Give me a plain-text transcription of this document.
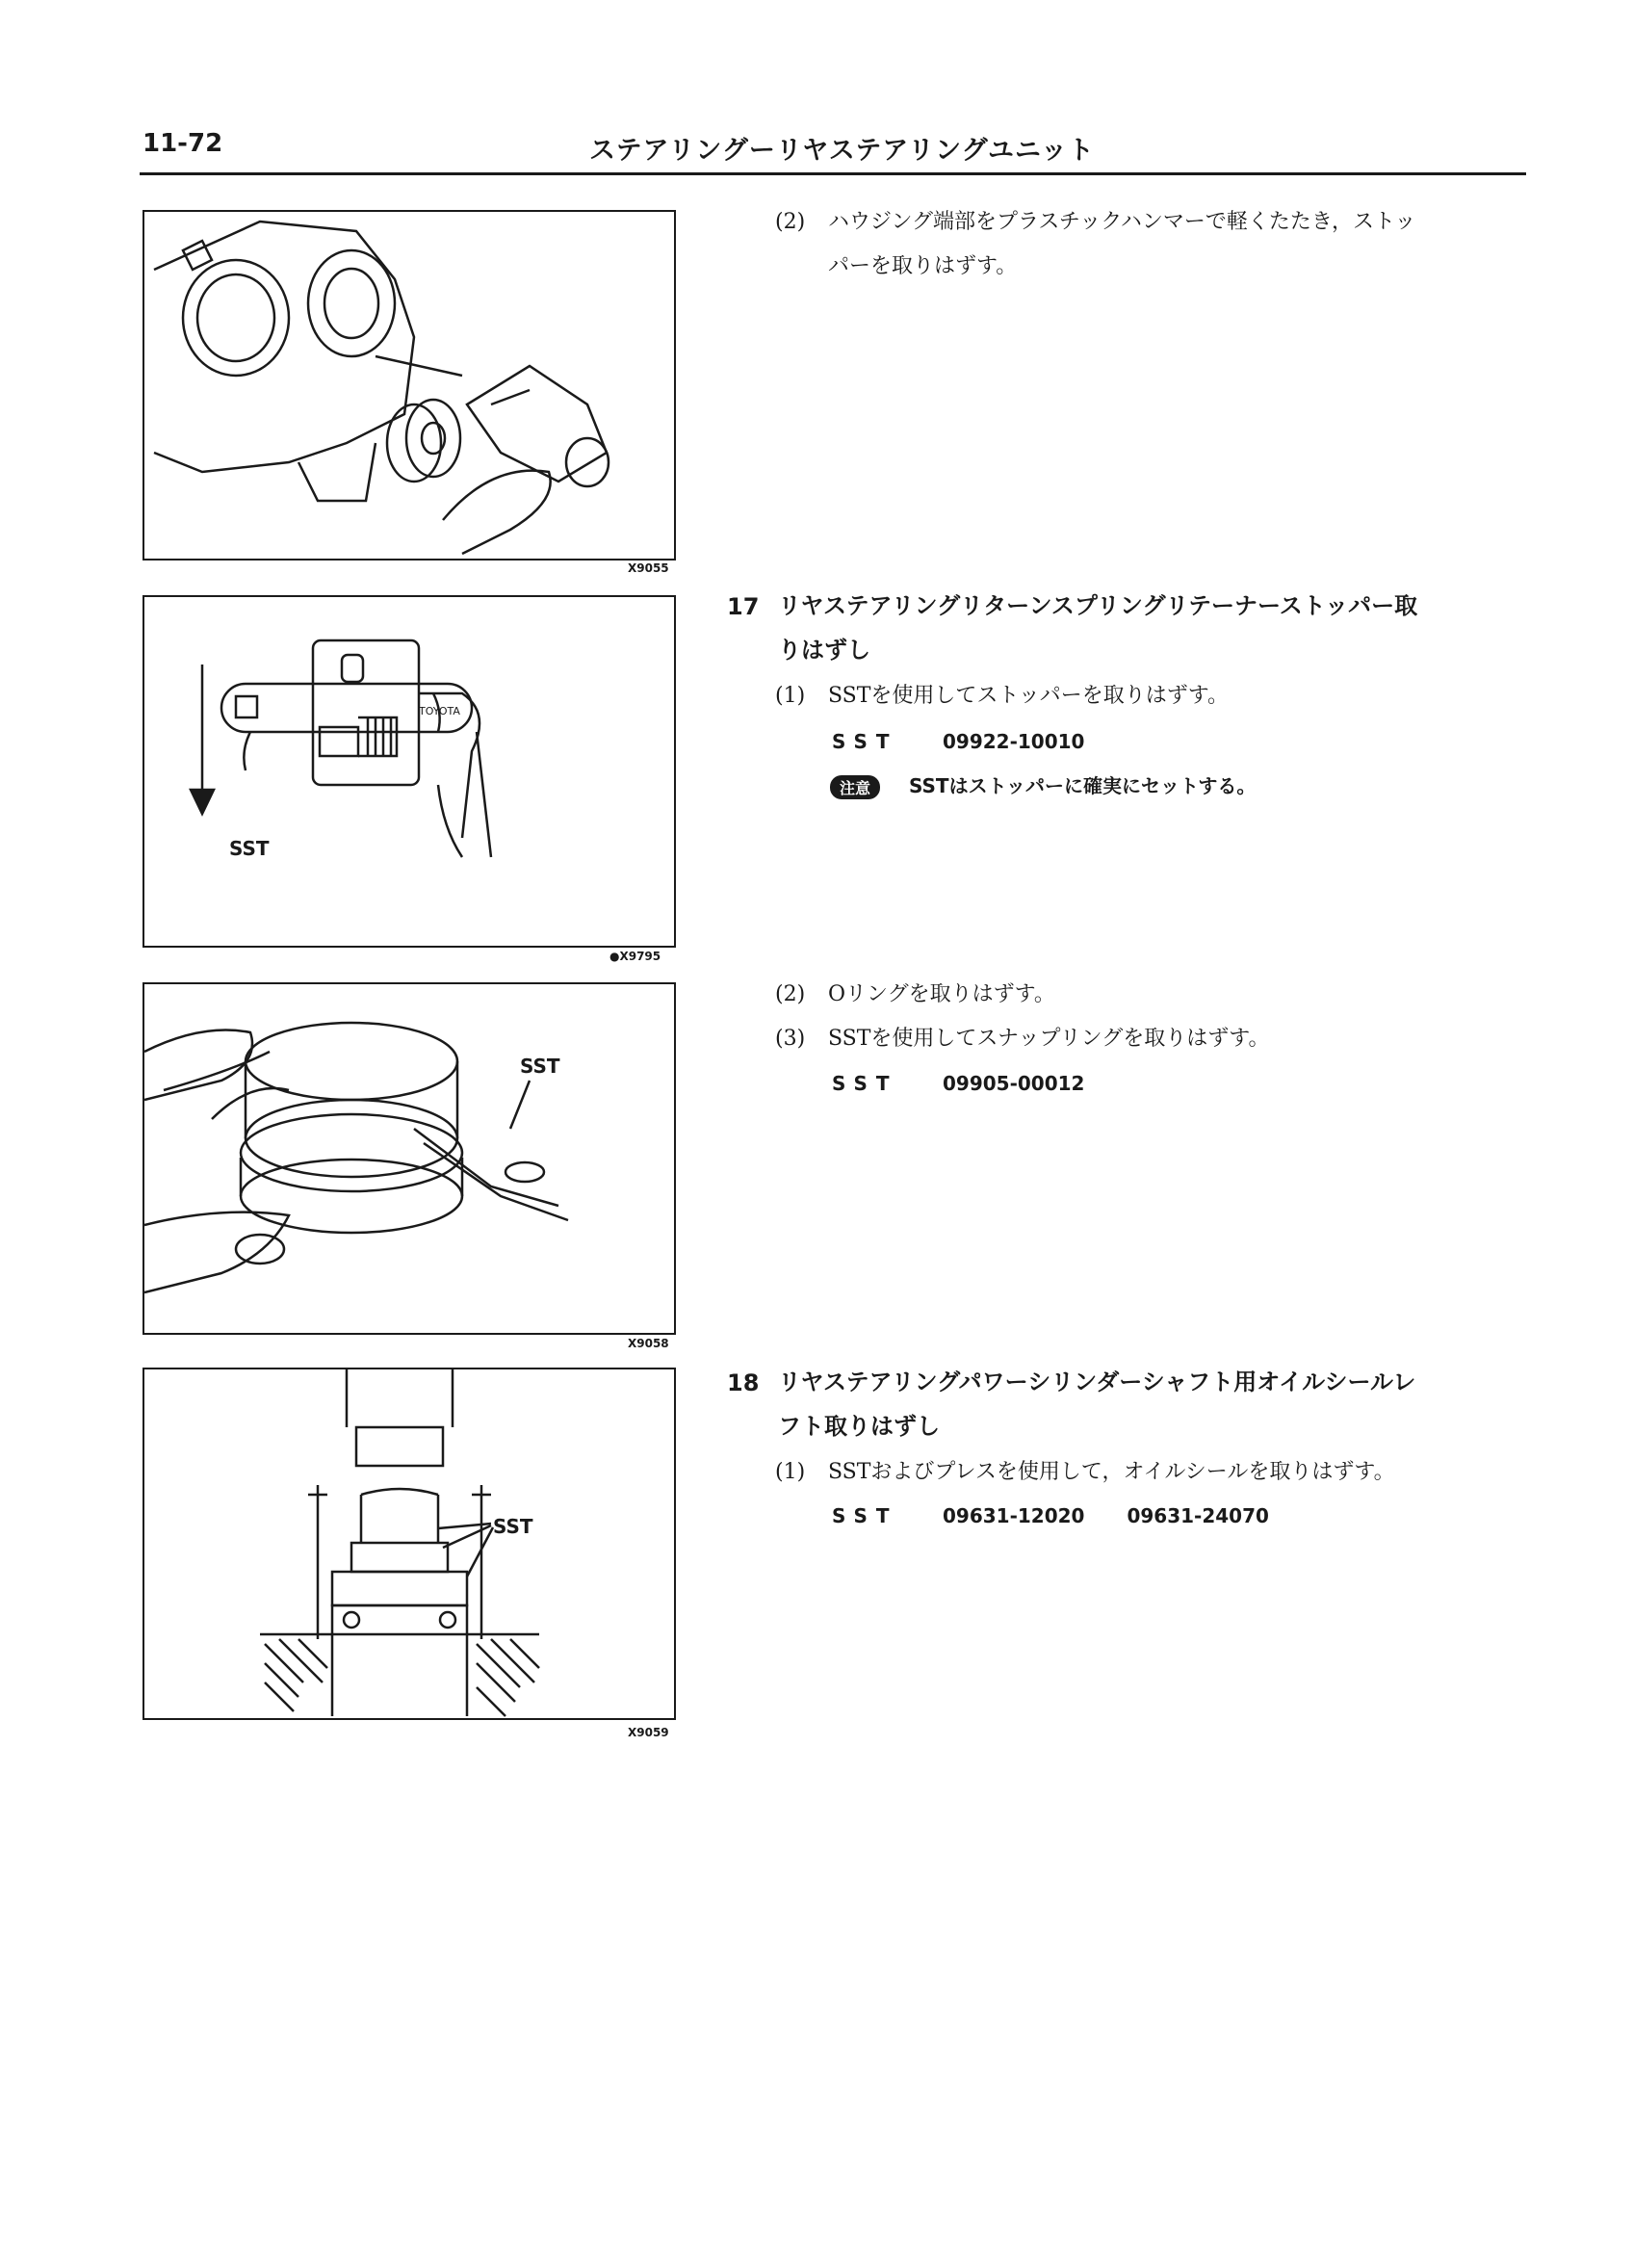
11-72	ステアリングーリヤステアリングユニット
X9055
TOYOTA
SST
●X9795
SST
X9058
SST
X9059
(2) ハウジング端部をプラスチックハンマーで軽くたたき，ストッ
パーを取りはずす。
17 リヤステアリングリターンスプリングリテーナーストッパー取
りはずし
(1) SSTを使用してストッパーを取りはずす。
SST 09922-10010
注意 SSTはストッパーに確実にセットする。
(2) Oリングを取りはずす。
(3) SSTを使用してスナップリングを取りはずす。
SST 09905-00012
18 リヤステアリングパワーシリンダーシャフト用オイルシールレ
フト取りはずし
(1) SSTおよびプレスを使用して，オイルシールを取りはずす。
SST 09631-12020 09631-24070
